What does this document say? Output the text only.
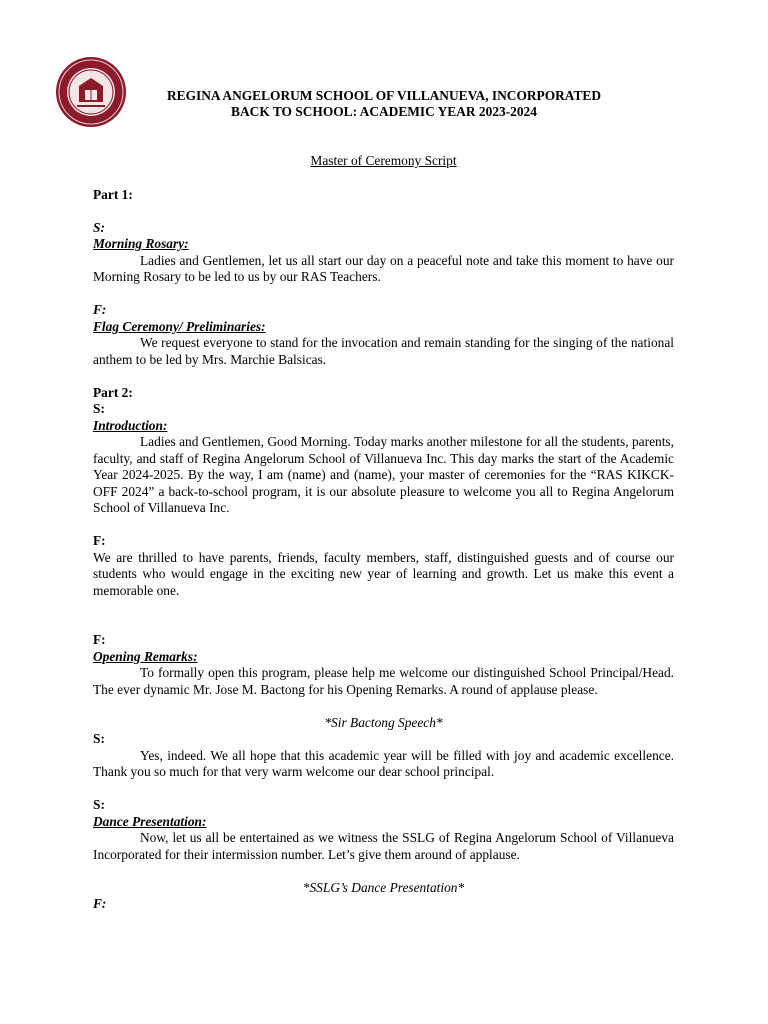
REGINA ANGELORUM SCHOOL OF VILLANUEVA, INCORPORATED
BACK TO SCHOOL: ACADEMIC YEAR 2023-2024

Master of Ceremony Script

Part 1:

S:

Morning Rosary:

Ladies and Gentlemen, let us all start our day on a peaceful note and take this moment to have our Morning Rosary to be led to us by our RAS Teachers.

F:

Flag Ceremony/ Preliminaries:

We request everyone to stand for the invocation and remain standing for the singing of the national anthem to be led by Mrs. Marchie Balsicas.

Part 2:

S:

Introduction:

Ladies and Gentlemen, Good Morning. Today marks another milestone for all the students, parents, faculty, and staff of Regina Angelorum School of Villanueva Inc. This day marks the start of the Academic Year 2024-2025. By the way, I am (name) and (name), your master of ceremonies for the “RAS KIKCK-OFF 2024” a back-to-school program, it is our absolute pleasure to welcome you all to Regina Angelorum School of Villanueva Inc.

F:

We are thrilled to have parents, friends, faculty members, staff, distinguished guests and of course our students who would engage in the exciting new year of learning and growth. Let us make this event a memorable one.

F:

Opening Remarks:

To formally open this program, please help me welcome our distinguished School Principal/Head. The ever dynamic Mr. Jose M. Bactong for his Opening Remarks. A round of applause please.

*Sir Bactong Speech*

S:

Yes, indeed. We all hope that this academic year will be filled with joy and academic excellence. Thank you so much for that very warm welcome our dear school principal.

S:

Dance Presentation:

Now, let us all be entertained as we witness the SSLG of Regina Angelorum School of Villanueva Incorporated for their intermission number. Let’s give them around of applause.

*SSLG’s Dance Presentation*

F:
